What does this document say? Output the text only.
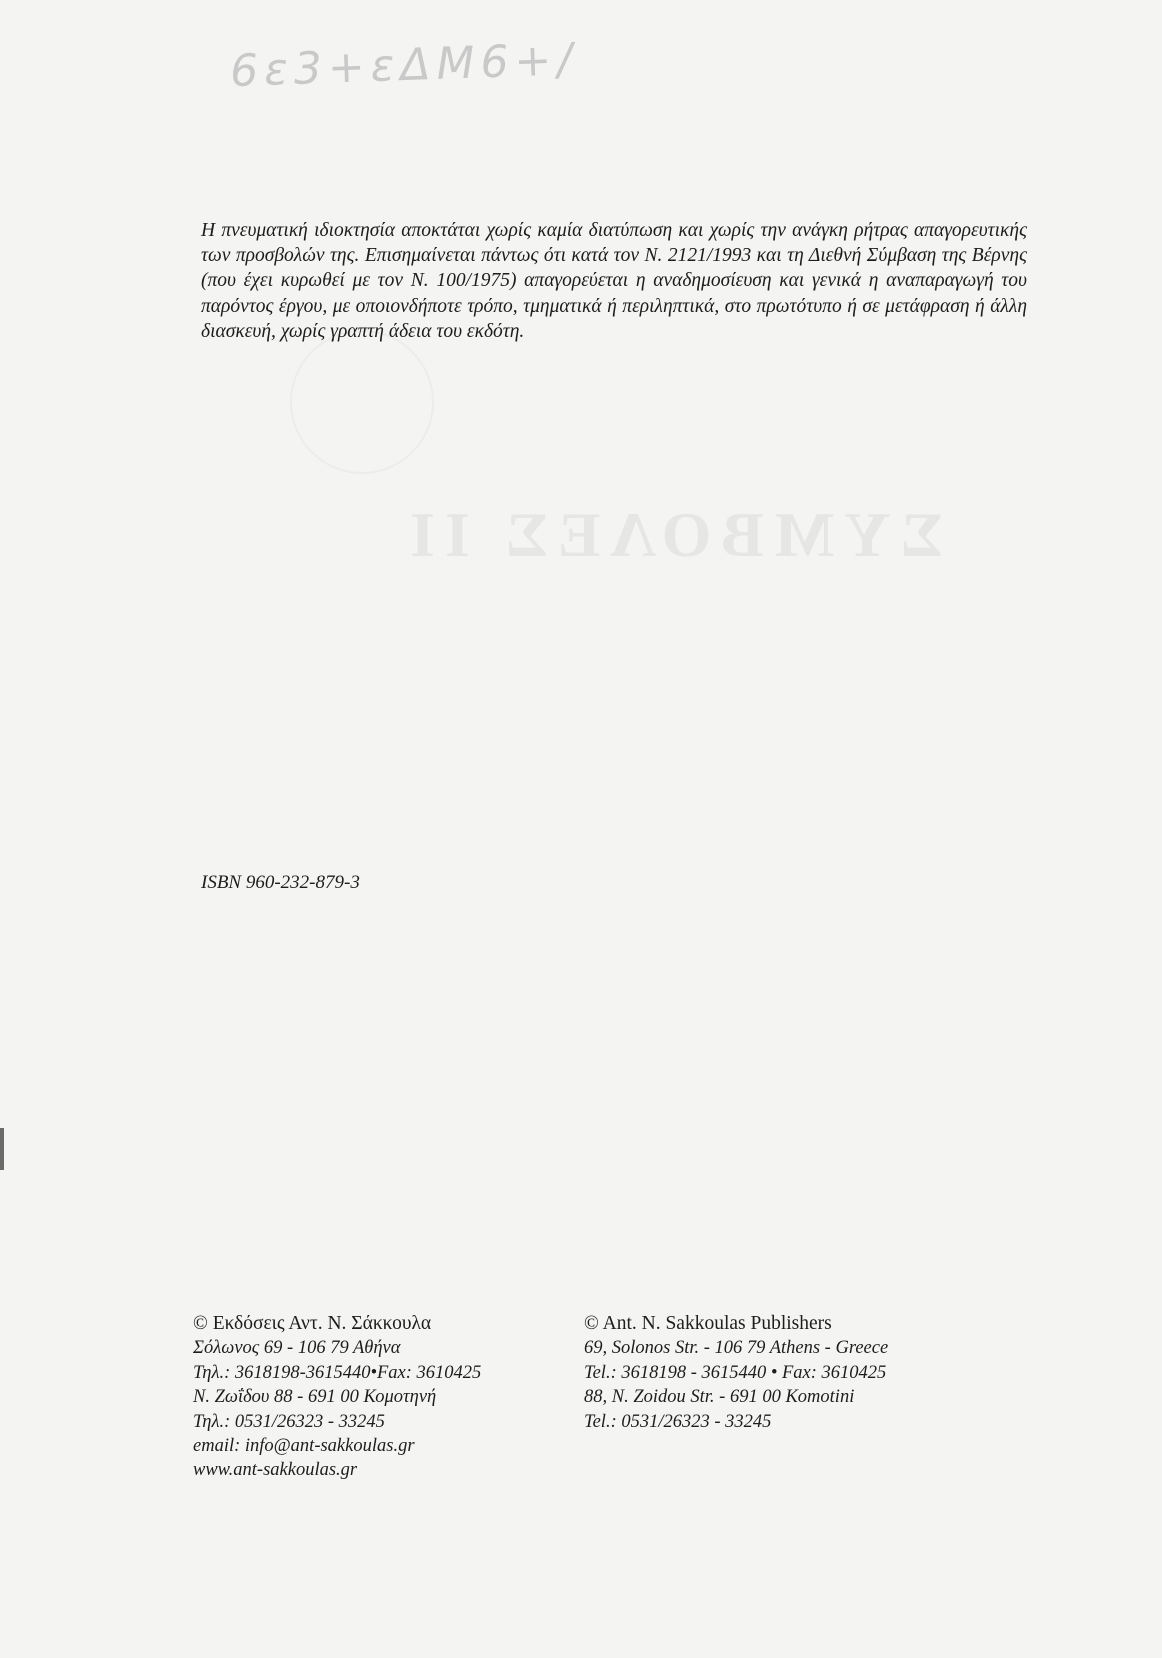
6ε3+εΔΜ6+/
ΣΥΜΒΟΛΕΣ ΙΙ

Η πνευματική ιδιοκτησία αποκτάται χωρίς καμία διατύπωση και χωρίς την ανάγκη ρήτρας απαγορευτικής των προσβολών της. Επισημαίνεται πάντως ότι κατά τον Ν. 2121/1993 και τη Διεθνή Σύμβαση της Βέρνης (που έχει κυρωθεί με τον Ν. 100/1975) απαγορεύεται η αναδημοσίευση και γενικά η αναπαραγωγή του παρόντος έργου, με οποιονδήποτε τρόπο, τμηματικά ή περιληπτικά, στο πρωτότυπο ή σε μετάφραση ή άλλη διασκευή, χωρίς γραπτή άδεια του εκδότη.

ISBN 960-232-879-3
© Εκδόσεις Αντ. Ν. Σάκκουλα
Σόλωνος 69 - 106 79 Αθήνα
Τηλ.: 3618198-3615440•Fax: 3610425
Ν. Ζωΐδου 88 - 691 00 Κομοτηνή
Τηλ.: 0531/26323 - 33245
email: info@ant-sakkoulas.gr
www.ant-sakkoulas.gr
© Ant. N. Sakkoulas Publishers
69, Solonos Str. - 106 79 Athens - Greece
Tel.: 3618198 - 3615440 • Fax: 3610425
88, N. Zoidou Str. - 691 00 Komotini
Tel.: 0531/26323 - 33245
